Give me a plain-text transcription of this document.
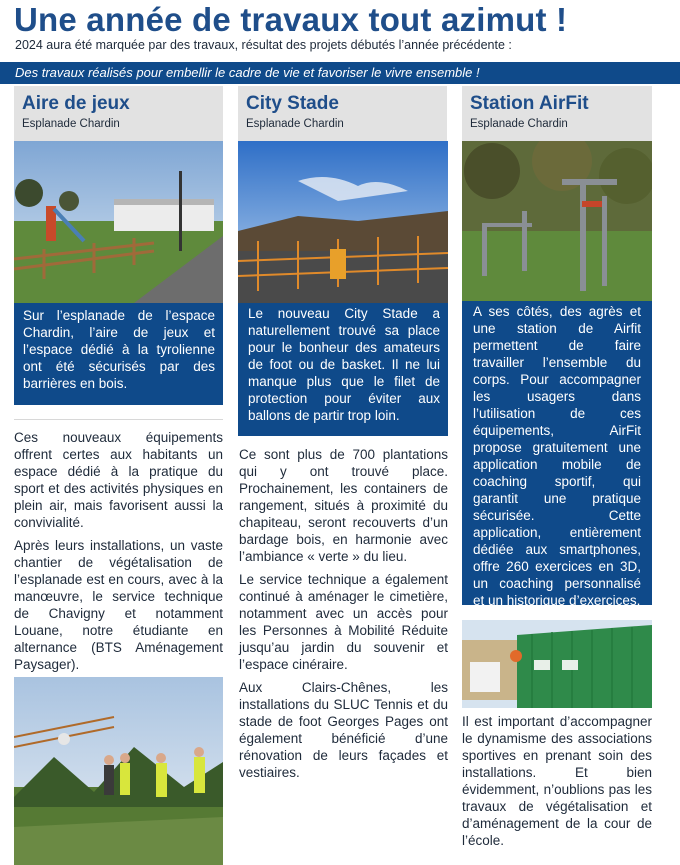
Une année de travaux tout azimut !
2024 aura été marquée par des travaux, résultat des projets débutés l’année précédente :
Des travaux réalisés pour embellir le cadre de vie et favoriser le vivre ensemble !
Aire de jeux
Esplanade Chardin

Sur l’esplanade de l’espace Chardin, l’aire de jeux et l’espace dédié à la tyrolienne ont été sécurisés par des barrières en bois.

Ces nouveaux équipements offrent certes aux habitants un espace dédié à la pratique du sport et des activités physiques en plein air, mais favorisent aussi la convivialité.

Après leurs installations, un vaste chantier de végétalisation de l’esplanade est en cours, avec à la manœuvre, le service technique de Chavigny et notamment Louane, notre étudiante en alternance (BTS Aménagement Paysager).

City Stade
Esplanade Chardin

Le nouveau City Stade a naturellement trouvé sa place pour le bonheur des amateurs de foot ou de basket. Il ne lui manque plus que le filet de protection pour éviter aux ballons de partir trop loin.

Ce sont plus de 700 plantations qui y ont trouvé place. Prochainement, les containers de rangement, situés à proximité du chapiteau, seront recouverts d’un bardage bois, en harmonie avec l’ambiance « verte » du lieu.

Le service technique a également continué à aménager le cimetière, notamment avec un accès pour les Personnes à Mobilité Réduite jusqu’au jardin du souvenir et l’espace cinéraire.

Aux Clairs-Chênes, les installations du SLUC Tennis et du stade de foot Georges Pages ont également bénéficié d’une rénovation de leurs façades et vestiaires.

Station AirFit
Esplanade Chardin

A ses côtés, des agrès et une station de Airfit permettent de faire travailler l’ensemble du corps. Pour accompagner les usagers dans l’utilisation de ces équipements, AirFit propose gratuitement une application mobile de coaching sportif, qui garantit une pratique sécurisée. Cette application, entièrement dédiée aux smartphones, offre 260 exercices en 3D, un coaching personnalisé et un historique d’exercices.

Il est important d’accompagner le dynamisme des associations sportives en prenant soin des installations. Et bien évidemment, n’oublions pas les travaux de végétalisation et d’aménagement de la cour de l’école.
